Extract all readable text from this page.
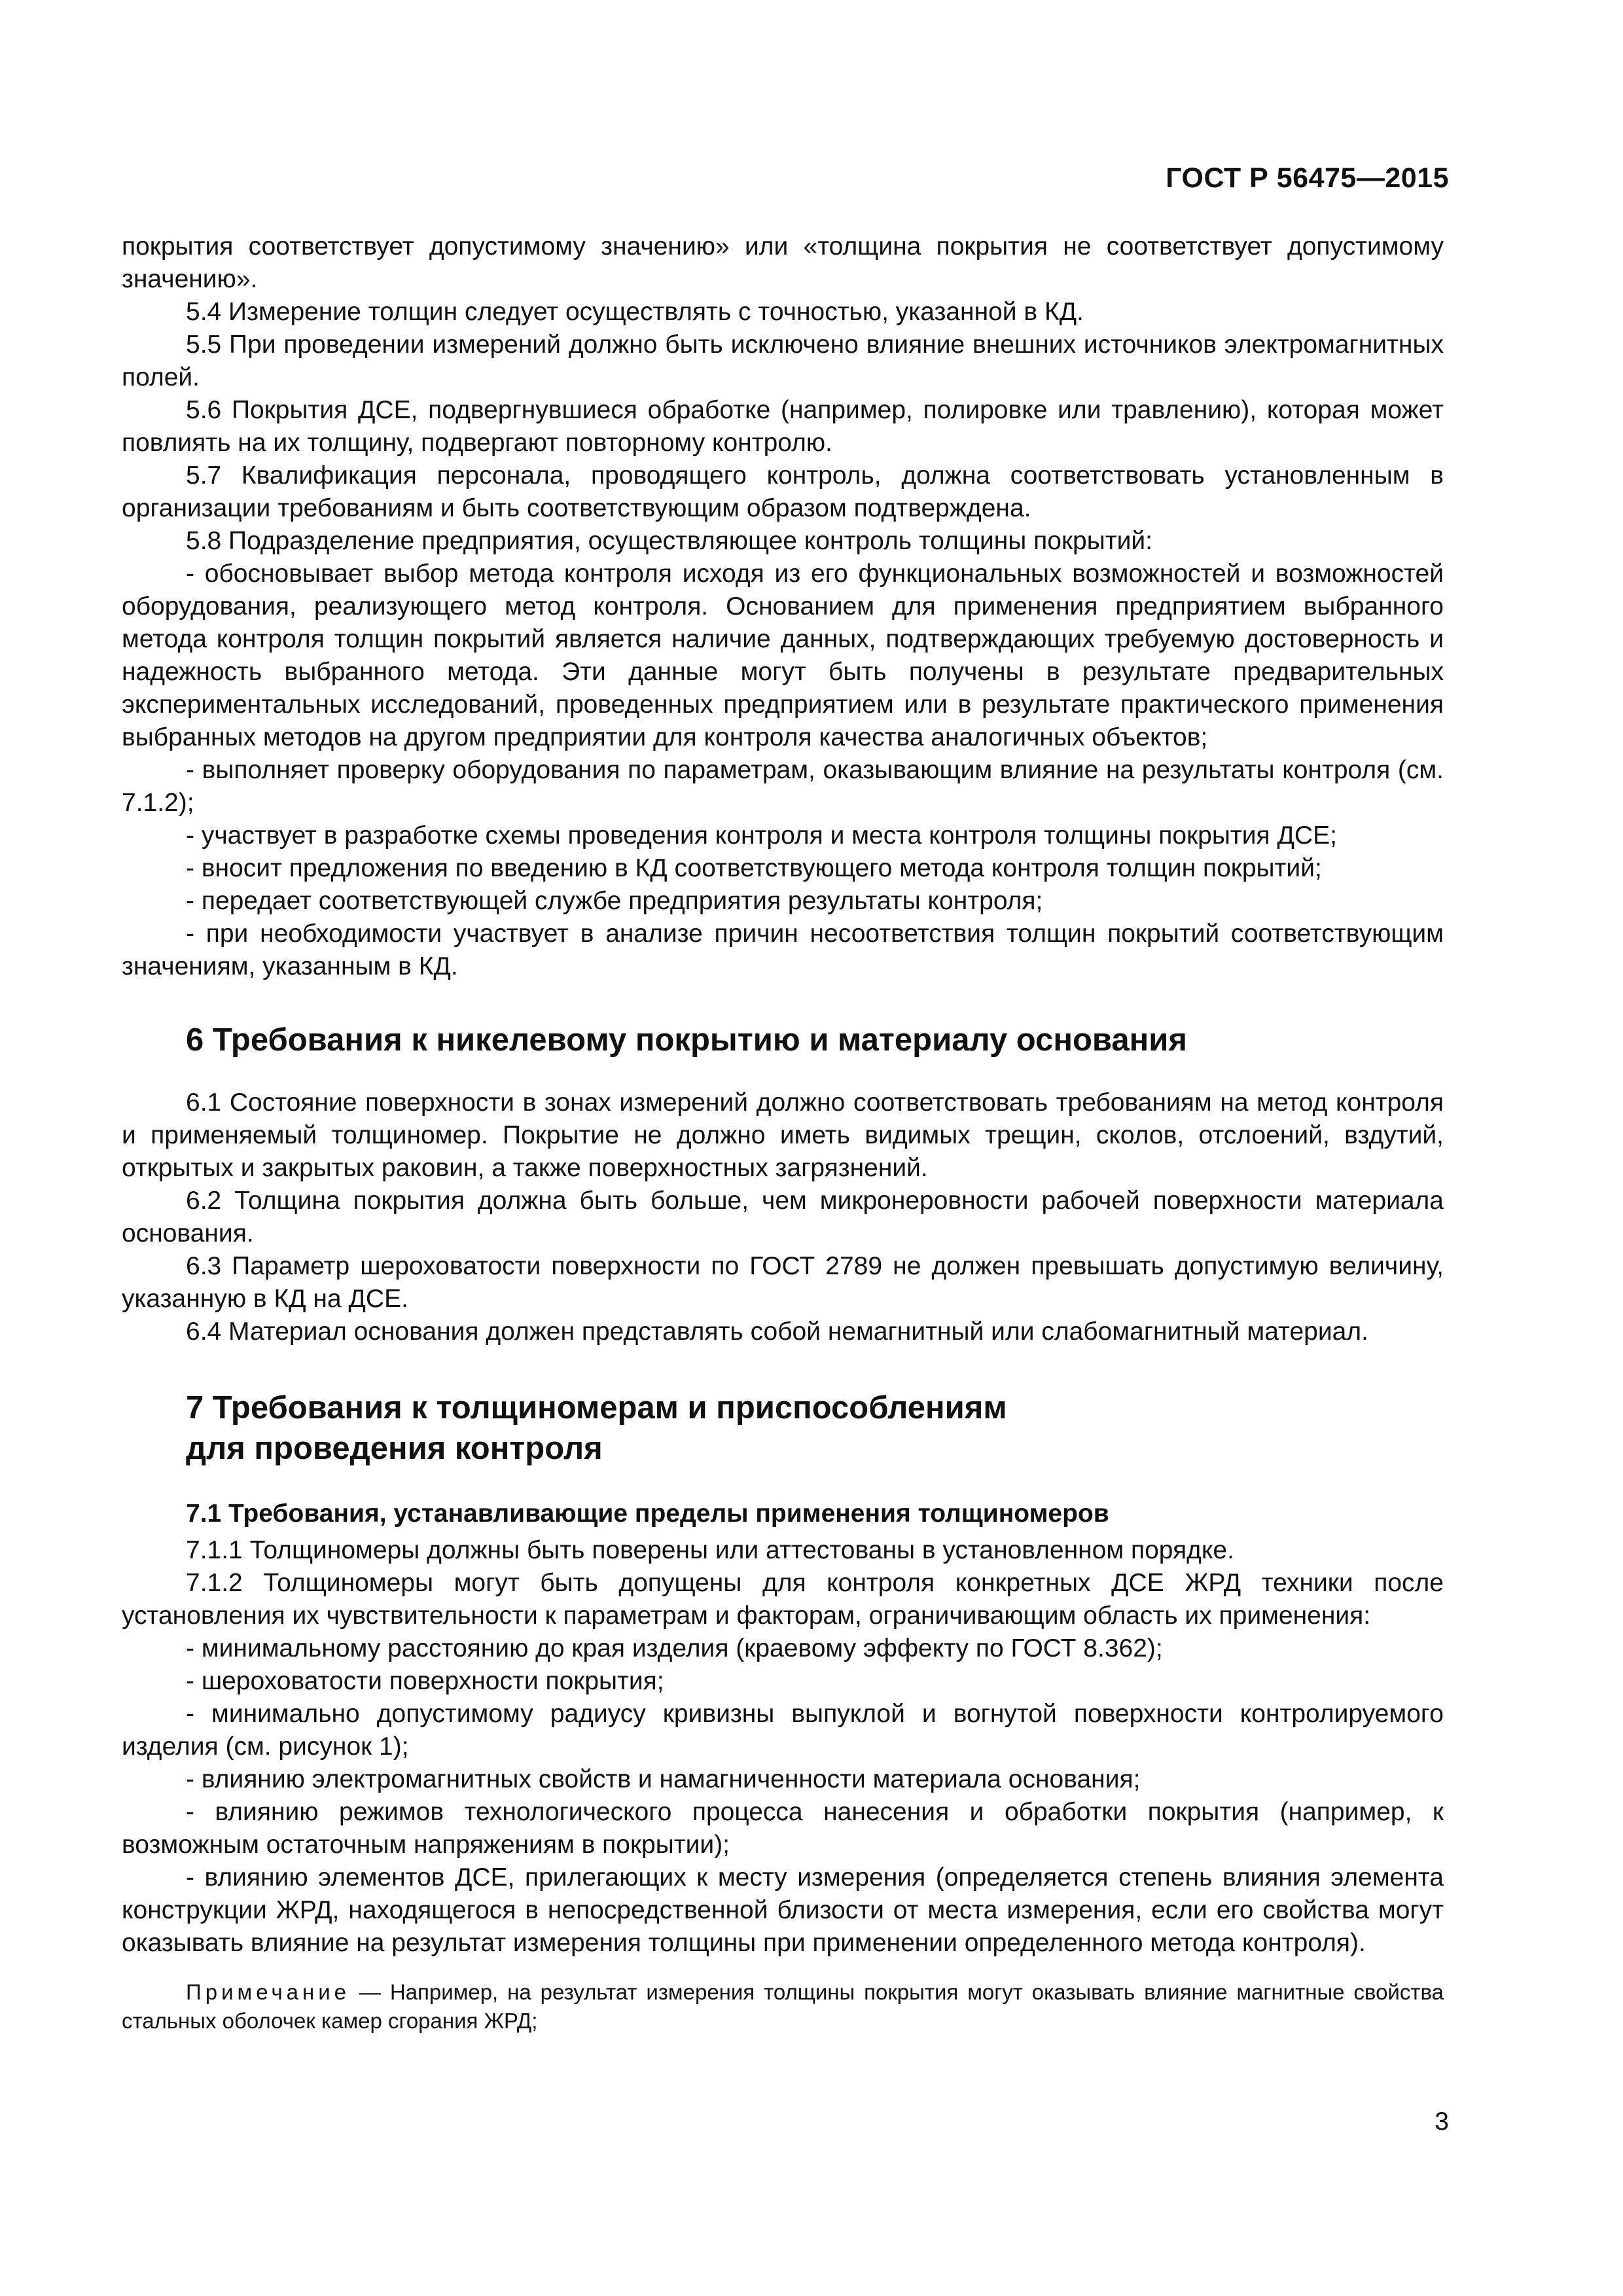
ГОСТ Р 56475—2015

покрытия соответствует допустимому значению» или «толщина покрытия не соответствует допустимому значению».

5.4 Измерение толщин следует осуществлять с точностью, указанной в КД.

5.5 При проведении измерений должно быть исключено влияние внешних источников электромагнитных полей.

5.6 Покрытия ДСЕ, подвергнувшиеся обработке (например, полировке или травлению), которая может повлиять на их толщину, подвергают повторному контролю.

5.7 Квалификация персонала, проводящего контроль, должна соответствовать установленным в организации требованиям и быть соответствующим образом подтверждена.

5.8 Подразделение предприятия, осуществляющее контроль толщины покрытий:

- обосновывает выбор метода контроля исходя из его функциональных возможностей и возможностей оборудования, реализующего метод контроля. Основанием для применения предприятием выбранного метода контроля толщин покрытий является наличие данных, подтверждающих требуемую достоверность и надежность выбранного метода. Эти данные могут быть получены в результате предварительных экспериментальных исследований, проведенных предприятием или в результате практического применения выбранных методов на другом предприятии для контроля качества аналогичных объектов;

- выполняет проверку оборудования по параметрам, оказывающим влияние на результаты контроля (см. 7.1.2);

- участвует в разработке схемы проведения контроля и места контроля толщины покрытия ДСЕ;

- вносит предложения по введению в КД соответствующего метода контроля толщин покрытий;

- передает соответствующей службе предприятия результаты контроля;

- при необходимости участвует в анализе причин несоответствия толщин покрытий соответствующим значениям, указанным в КД.

6 Требования к никелевому покрытию и материалу основания

6.1 Состояние поверхности в зонах измерений должно соответствовать требованиям на метод контроля и применяемый толщиномер. Покрытие не должно иметь видимых трещин, сколов, отслоений, вздутий, открытых и закрытых раковин, а также поверхностных загрязнений.

6.2 Толщина покрытия должна быть больше, чем микронеровности рабочей поверхности материала основания.

6.3 Параметр шероховатости поверхности по ГОСТ 2789 не должен превышать допустимую величину, указанную в КД на ДСЕ.

6.4 Материал основания должен представлять собой немагнитный или слабомагнитный материал.

7 Требования к толщиномерам и приспособлениям
для проведения контроля
7.1 Требования, устанавливающие пределы применения толщиномеров

7.1.1 Толщиномеры должны быть поверены или аттестованы в установленном порядке.

7.1.2 Толщиномеры могут быть допущены для контроля конкретных ДСЕ ЖРД техники после установления их чувствительности к параметрам и факторам, ограничивающим область их применения:

- минимальному расстоянию до края изделия (краевому эффекту по ГОСТ 8.362);

- шероховатости поверхности покрытия;

- минимально допустимому радиусу кривизны выпуклой и вогнутой поверхности контролируемого изделия (см. рисунок 1);

- влиянию электромагнитных свойств и намагниченности материала основания;

- влиянию режимов технологического процесса нанесения и обработки покрытия (например, к возможным остаточным напряжениям в покрытии);

- влиянию элементов ДСЕ, прилегающих к месту измерения (определяется степень влияния элемента конструкции ЖРД, находящегося в непосредственной близости от места измерения, если его свойства могут оказывать влияние на результат измерения толщины при применении определенного метода контроля).

Примечание — Например, на результат измерения толщины покрытия могут оказывать влияние магнитные свойства стальных оболочек камер сгорания ЖРД;
3
